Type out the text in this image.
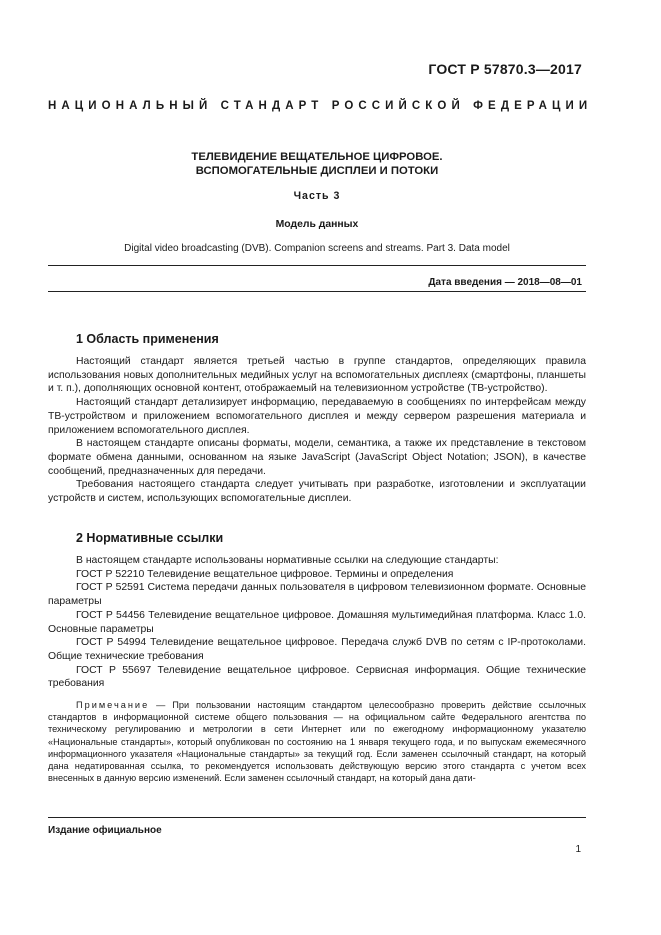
ГОСТ Р 57870.3—2017
НАЦИОНАЛЬНЫЙ СТАНДАРТ РОССИЙСКОЙ ФЕДЕРАЦИИ
ТЕЛЕВИДЕНИЕ ВЕЩАТЕЛЬНОЕ ЦИФРОВОЕ.
ВСПОМОГАТЕЛЬНЫЕ ДИСПЛЕИ И ПОТОКИ
Часть 3
Модель данных
Digital video broadcasting (DVB). Companion screens and streams. Part 3. Data model
Дата введения — 2018—08—01
1 Область применения

Настоящий стандарт является третьей частью в группе стандартов, определяющих правила использования новых дополнительных медийных услуг на вспомогательных дисплеях (смартфоны, планшеты и т. п.), дополняющих основной контент, отображаемый на телевизионном устройстве (ТВ-устройство).

Настоящий стандарт детализирует информацию, передаваемую в сообщениях по интерфейсам между ТВ-устройством и приложением вспомогательного дисплея и между сервером разрешения материала и приложением вспомогательного дисплея.

В настоящем стандарте описаны форматы, модели, семантика, а также их представление в текстовом формате обмена данными, основанном на языке JavaScript (JavaScript Object Notation; JSON), в качестве сообщений, предназначенных для передачи.

Требования настоящего стандарта следует учитывать при разработке, изготовлении и эксплуатации устройств и систем, использующих вспомогательные дисплеи.

2 Нормативные ссылки

В настоящем стандарте использованы нормативные ссылки на следующие стандарты:

ГОСТ Р 52210 Телевидение вещательное цифровое. Термины и определения

ГОСТ Р 52591 Система передачи данных пользователя в цифровом телевизионном формате. Основные параметры

ГОСТ Р 54456 Телевидение вещательное цифровое. Домашняя мультимедийная платформа. Класс 1.0. Основные параметры

ГОСТ Р 54994 Телевидение вещательное цифровое. Передача служб DVB по сетям с IP-протоколами. Общие технические требования

ГОСТ Р 55697 Телевидение вещательное цифровое. Сервисная информация. Общие технические требования

Примечание — При пользовании настоящим стандартом целесообразно проверить действие ссылочных стандартов в информационной системе общего пользования — на официальном сайте Федерального агентства по техническому регулированию и метрологии в сети Интернет или по ежегодному информационному указателю «Национальные стандарты», который опубликован по состоянию на 1 января текущего года, и по выпускам ежемесячного информационного указателя «Национальные стандарты» за текущий год. Если заменен ссылочный стандарт, на который дана недатированная ссылка, то рекомендуется использовать действующую версию этого стандарта с учетом всех внесенных в данную версию изменений. Если заменен ссылочный стандарт, на который дана дати-

Издание официальное
1
